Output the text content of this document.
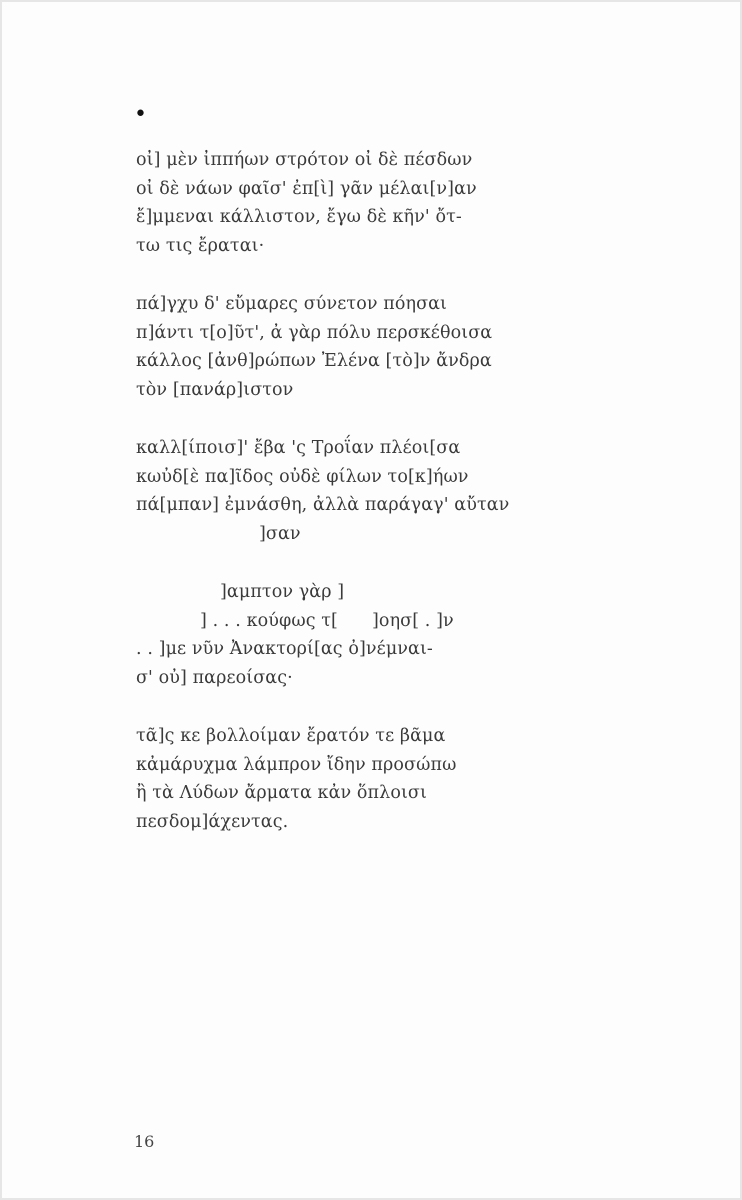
•
οἰ] μὲν ἰππήων στρότον οἰ δὲ πέσδων
οἰ δὲ νάων φαῖσ' ἐπ[ὶ] γᾶν μέλαι[ν]αν
ἔ]μμεναι κάλλιστον, ἔγω δὲ κῆν' ὄτ-
τω τις ἔραται·
πά]γχυ δ' εὔμαρες σύνετον πόησαι
π]άντι τ[ο]ῦτ', ἀ γὰρ πόλυ περσκέθοισα
κάλλος [ἀνθ]ρώπων Ἐλένα [τὸ]ν ἄνδρα
τὸν [πανάρ]ιστον
καλλ[ίποισ]' ἔβα 'ς Τροΐαν πλέοι[σα
κωὐδ[ὲ πα]ῖδος οὐδὲ φίλων το[κ]ήων
πά[μπαν] ἐμνάσθη, ἀλλὰ παράγαγ' αὔταν
]σαν
]αμπτον γὰρ ]

] . . . κούφως τ[

]οησ[ . ]ν

. . ]με νῦν Ἀνακτορί[ας ὀ]νέμναι-
σ' οὐ] παρεοίσας·
τᾶ]ς κε βολλοίμαν ἔρατόν τε βᾶμα
κἀμάρυχμα λάμπρον ἴδην προσώπω
ἢ τὰ Λύδων ἄρματα κἀν ὅπλοισι
πεσδομ]άχεντας.
16
